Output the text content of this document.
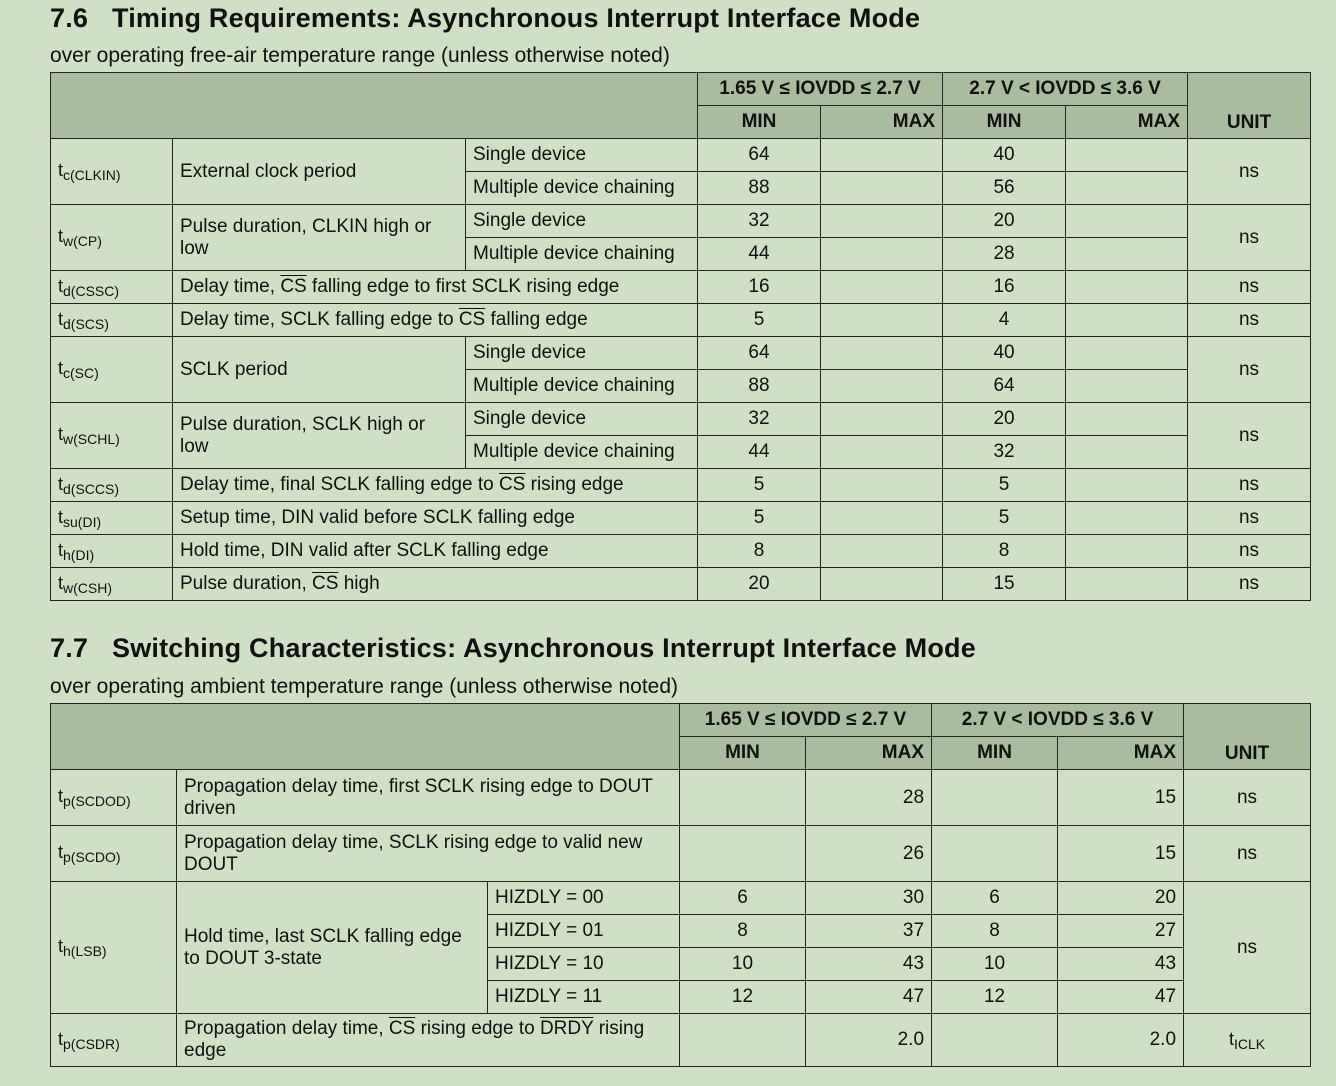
7.6 Timing Requirements: Asynchronous Interrupt Interface Mode

over operating free-air temperature range (unless otherwise noted)

			1.65 V ≤ IOVDD ≤ 2.7 V		2.7 V < IOVDD ≤ 3.6 V		UNIT
			MIN	MAX	MIN	MAX	
$t_{c(CLKIN)}$	External clock period	Single device	64		40		ns
		Multiple device chaining	88		56		
$t_{w(CP)}$	Pulse duration, CLKIN high or low	Single device	32		20		ns
		Multiple device chaining	44		28		
$t_{d(CSSC)}$	Delay time, $\overline{CS}$ falling edge to first SCLK rising edge		16		16		ns
$t_{d(SCS)}$	Delay time, SCLK falling edge to $\overline{CS}$ falling edge		5		4		ns
$t_{c(SC)}$	SCLK period	Single device	64		40		ns
		Multiple device chaining	88		64		
$t_{w(SCHL)}$	Pulse duration, SCLK high or low	Single device	32		20		ns
		Multiple device chaining	44		32		
$t_{d(SCCS)}$	Delay time, final SCLK falling edge to $\overline{CS}$ rising edge		5		5		ns
$t_{su(DI)}$	Setup time, DIN valid before SCLK falling edge		5		5		ns
$t_{h(DI)}$	Hold time, DIN valid after SCLK falling edge		8		8		ns
$t_{w(CSH)}$	Pulse duration, $\overline{CS}$ high		20		15		ns
7.7 Switching Characteristics: Asynchronous Interrupt Interface Mode

over operating ambient temperature range (unless otherwise noted)

			1.65 V ≤ IOVDD ≤ 2.7 V		2.7 V < IOVDD ≤ 3.6 V		UNIT
			MIN	MAX	MIN	MAX	
$t_{p(SCDOD)}$	Propagation delay time, first SCLK rising edge to DOUT driven			28		15	ns
$t_{p(SCDO)}$	Propagation delay time, SCLK rising edge to valid new DOUT			26		15	ns
$t_{h(LSB)}$	Hold time, last SCLK falling edge to DOUT 3-state	HIZDLY = 00	6	30	6	20	ns
		HIZDLY = 01	8	37	8	27	
		HIZDLY = 10	10	43	10	43	
		HIZDLY = 11	12	47	12	47	
$t_{p(CSDR)}$	Propagation delay time, $\overline{CS}$ rising edge to DRDY rising edge			2.0		2.0	$t_{ICLK}$
